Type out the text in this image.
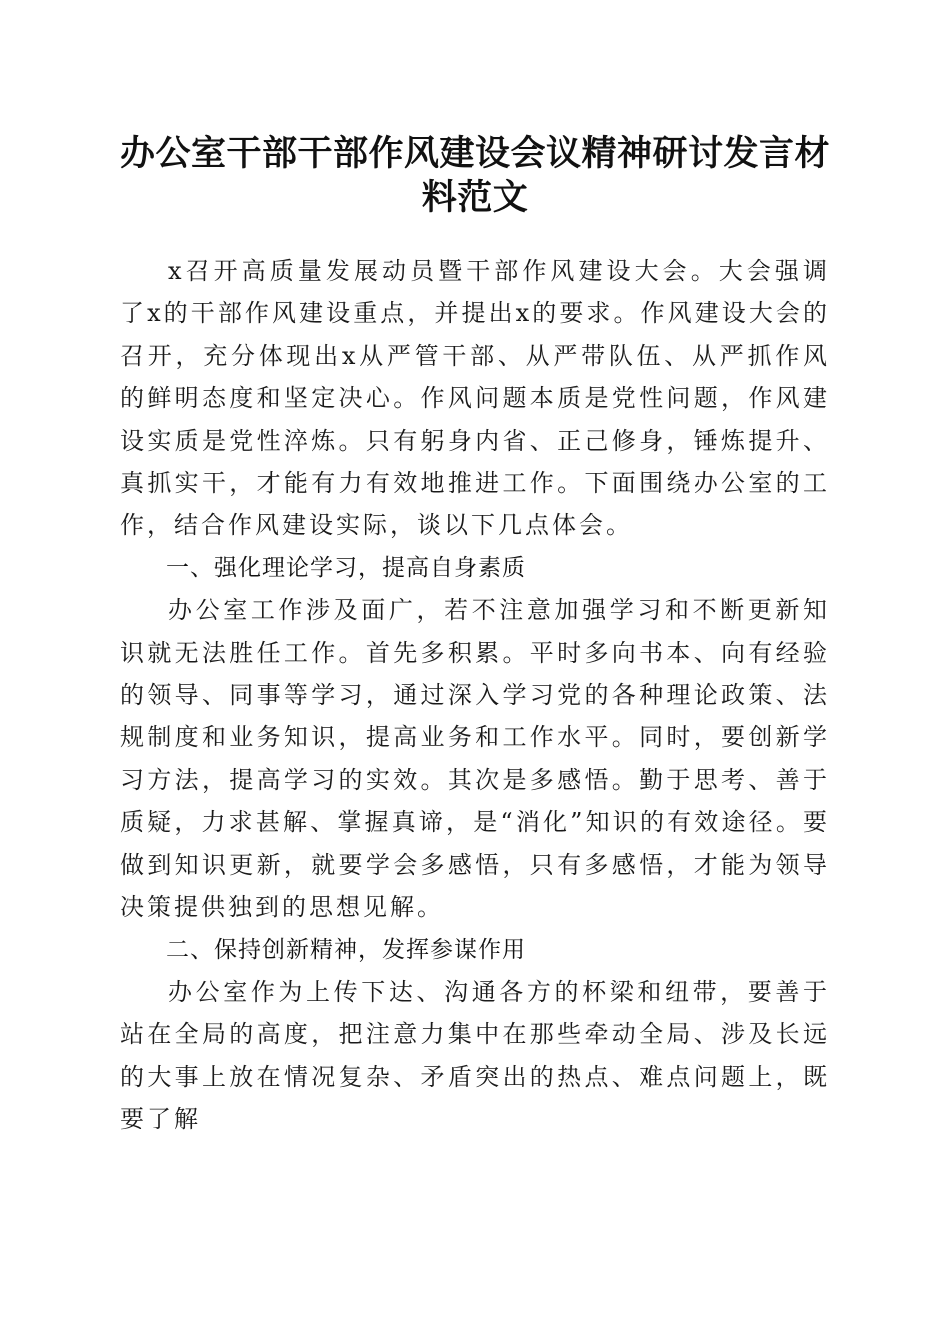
办公室干部干部作风建设会议精神研讨发言材料范文

x召开高质量发展动员暨干部作风建设大会。大会强调了x的干部作风建设重点，并提出x的要求。作风建设大会的召开，充分体现出x从严管干部、从严带队伍、从严抓作风的鲜明态度和坚定决心。作风问题本质是党性问题，作风建设实质是党性淬炼。只有躬身内省、正己修身，锤炼提升、真抓实干，才能有力有效地推进工作。下面围绕办公室的工作，结合作风建设实际，谈以下几点体会。

一、强化理论学习，提高自身素质

办公室工作涉及面广，若不注意加强学习和不断更新知识就无法胜任工作。首先多积累。平时多向书本、向有经验的领导、同事等学习，通过深入学习党的各种理论政策、法规制度和业务知识，提高业务和工作水平。同时，要创新学习方法，提高学习的实效。其次是多感悟。勤于思考、善于质疑，力求甚解、掌握真谛，是“消化”知识的有效途径。要做到知识更新，就要学会多感悟，只有多感悟，才能为领导决策提供独到的思想见解。

二、保持创新精神，发挥参谋作用

办公室作为上传下达、沟通各方的杯梁和纽带，要善于站在全局的高度，把注意力集中在那些牵动全局、涉及长远的大事上放在情况复杂、矛盾突出的热点、难点问题上，既要了解
